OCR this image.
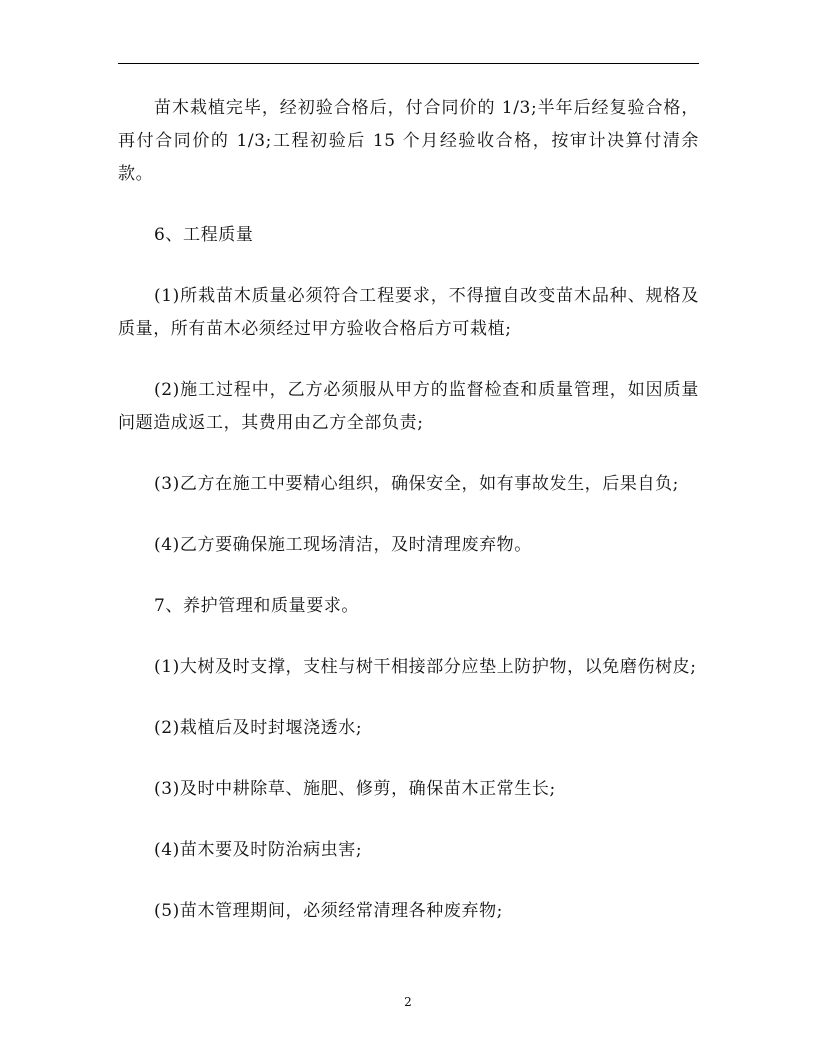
苗木栽植完毕，经初验合格后，付合同价的 1/3;半年后经复验合格，再付合同价的 1/3;工程初验后 15 个月经验收合格，按审计决算付清余款。

6、工程质量

(1)所栽苗木质量必须符合工程要求，不得擅自改变苗木品种、规格及质量，所有苗木必须经过甲方验收合格后方可栽植;

(2)施工过程中，乙方必须服从甲方的监督检查和质量管理，如因质量问题造成返工，其费用由乙方全部负责;

(3)乙方在施工中要精心组织，确保安全，如有事故发生，后果自负;

(4)乙方要确保施工现场清洁，及时清理废弃物。

7、养护管理和质量要求。

(1)大树及时支撑，支柱与树干相接部分应垫上防护物，以免磨伤树皮;

(2)栽植后及时封堰浇透水;

(3)及时中耕除草、施肥、修剪，确保苗木正常生长;

(4)苗木要及时防治病虫害;

(5)苗木管理期间，必须经常清理各种废弃物;

2
